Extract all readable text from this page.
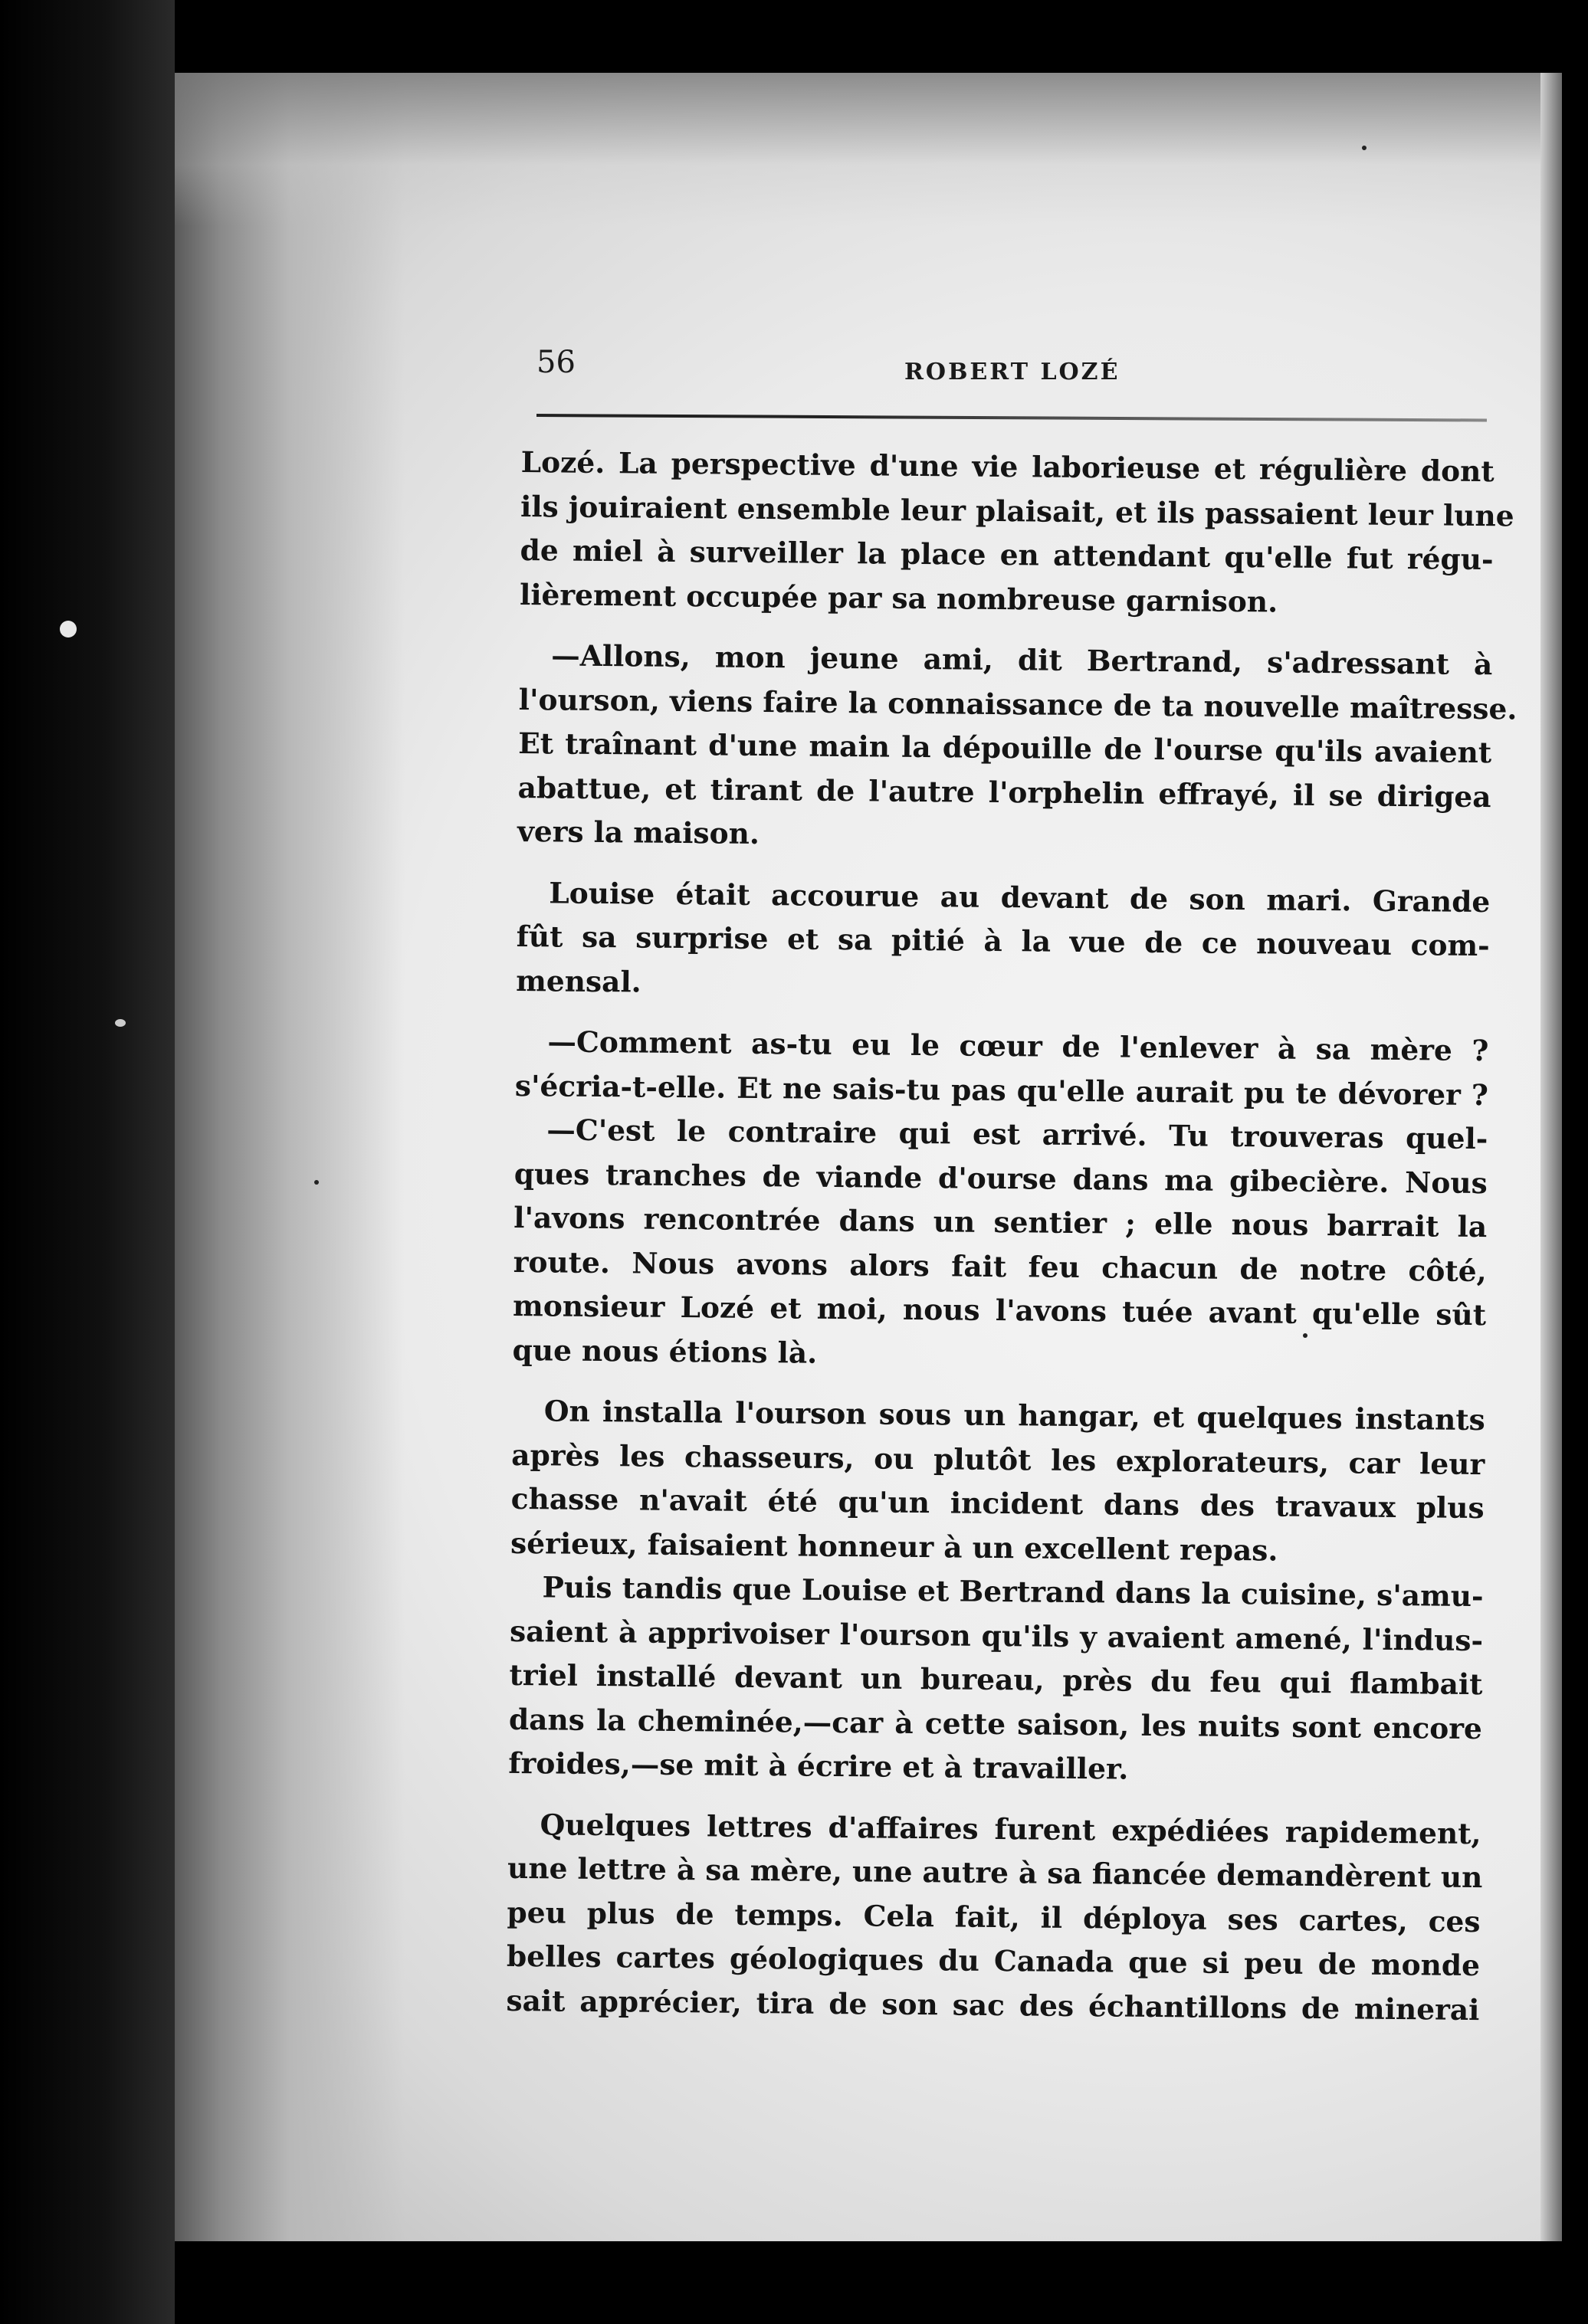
56	ROBERT LOZÉ

Lozé. La perspective d'une vie laborieuse et régulière dont
ils jouiraient ensemble leur plaisait, et ils passaient leur lune
de miel à surveiller la place en attendant qu'elle fut régu-
lièrement occupée par sa nombreuse garnison.

—Allons, mon jeune ami, dit Bertrand, s'adressant à
l'ourson, viens faire la connaissance de ta nouvelle maîtresse.
Et traînant d'une main la dépouille de l'ourse qu'ils avaient
abattue, et tirant de l'autre l'orphelin effrayé, il se dirigea
vers la maison.

Louise était accourue au devant de son mari. Grande
fût sa surprise et sa pitié à la vue de ce nouveau com-
mensal.

—Comment as-tu eu le cœur de l'enlever à sa mère ?
s'écria-t-elle. Et ne sais-tu pas qu'elle aurait pu te dévorer ?

—C'est le contraire qui est arrivé. Tu trouveras quel-
ques tranches de viande d'ourse dans ma gibecière. Nous
l'avons rencontrée dans un sentier ; elle nous barrait la
route. Nous avons alors fait feu chacun de notre côté,
monsieur Lozé et moi, nous l'avons tuée avant qu'elle sût
que nous étions là.

On installa l'ourson sous un hangar, et quelques instants
après les chasseurs, ou plutôt les explorateurs, car leur
chasse n'avait été qu'un incident dans des travaux plus
sérieux, faisaient honneur à un excellent repas.

Puis tandis que Louise et Bertrand dans la cuisine, s'amu-
saient à apprivoiser l'ourson qu'ils y avaient amené, l'indus-
triel installé devant un bureau, près du feu qui flambait
dans la cheminée,—car à cette saison, les nuits sont encore
froides,—se mit à écrire et à travailler.

Quelques lettres d'affaires furent expédiées rapidement,
une lettre à sa mère, une autre à sa fiancée demandèrent un
peu plus de temps. Cela fait, il déploya ses cartes, ces
belles cartes géologiques du Canada que si peu de monde
sait apprécier, tira de son sac des échantillons de minerai
